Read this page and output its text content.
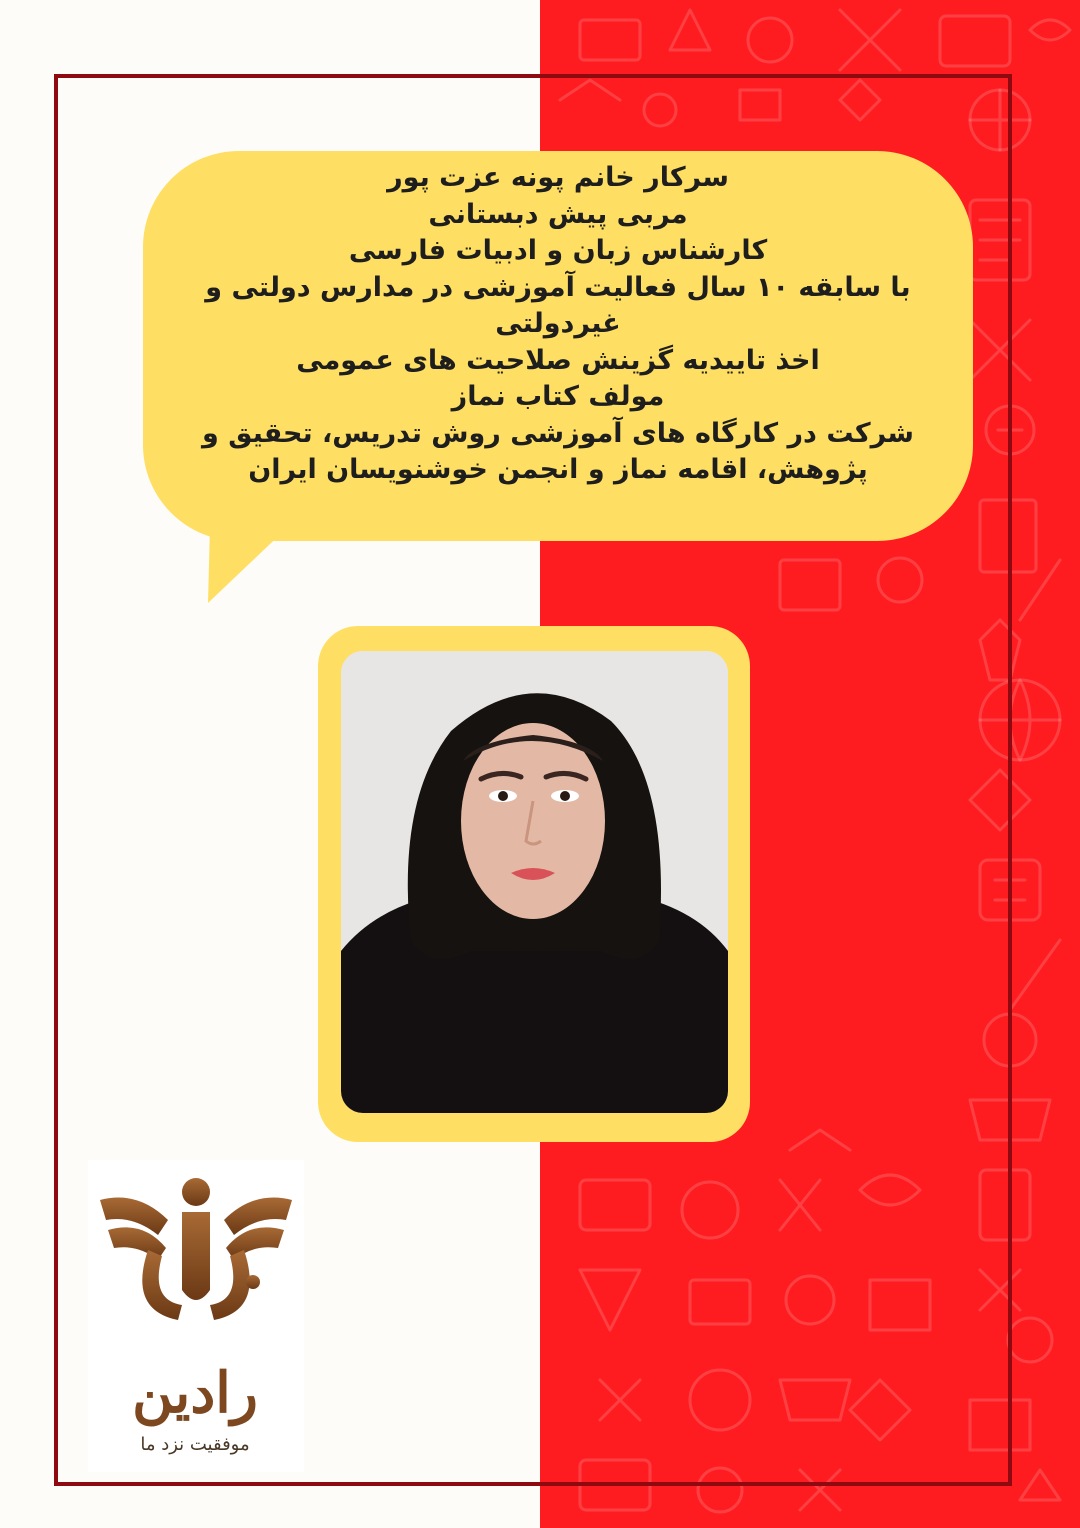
سرکار خانم پونه عزت پور
مربی پیش دبستانی
کارشناس زبان و ادبیات فارسی
با سابقه ۱۰ سال فعالیت آموزشی در مدارس دولتی و
غیردولتی
اخذ تاییدیه گزینش صلاحیت های عمومی
مولف کتاب نماز
شرکت در کارگاه های آموزشی روش تدریس، تحقیق و
پژوهش، اقامه نماز و انجمن خوشنویسان ایران
رادین
موفقیت نزد ما
